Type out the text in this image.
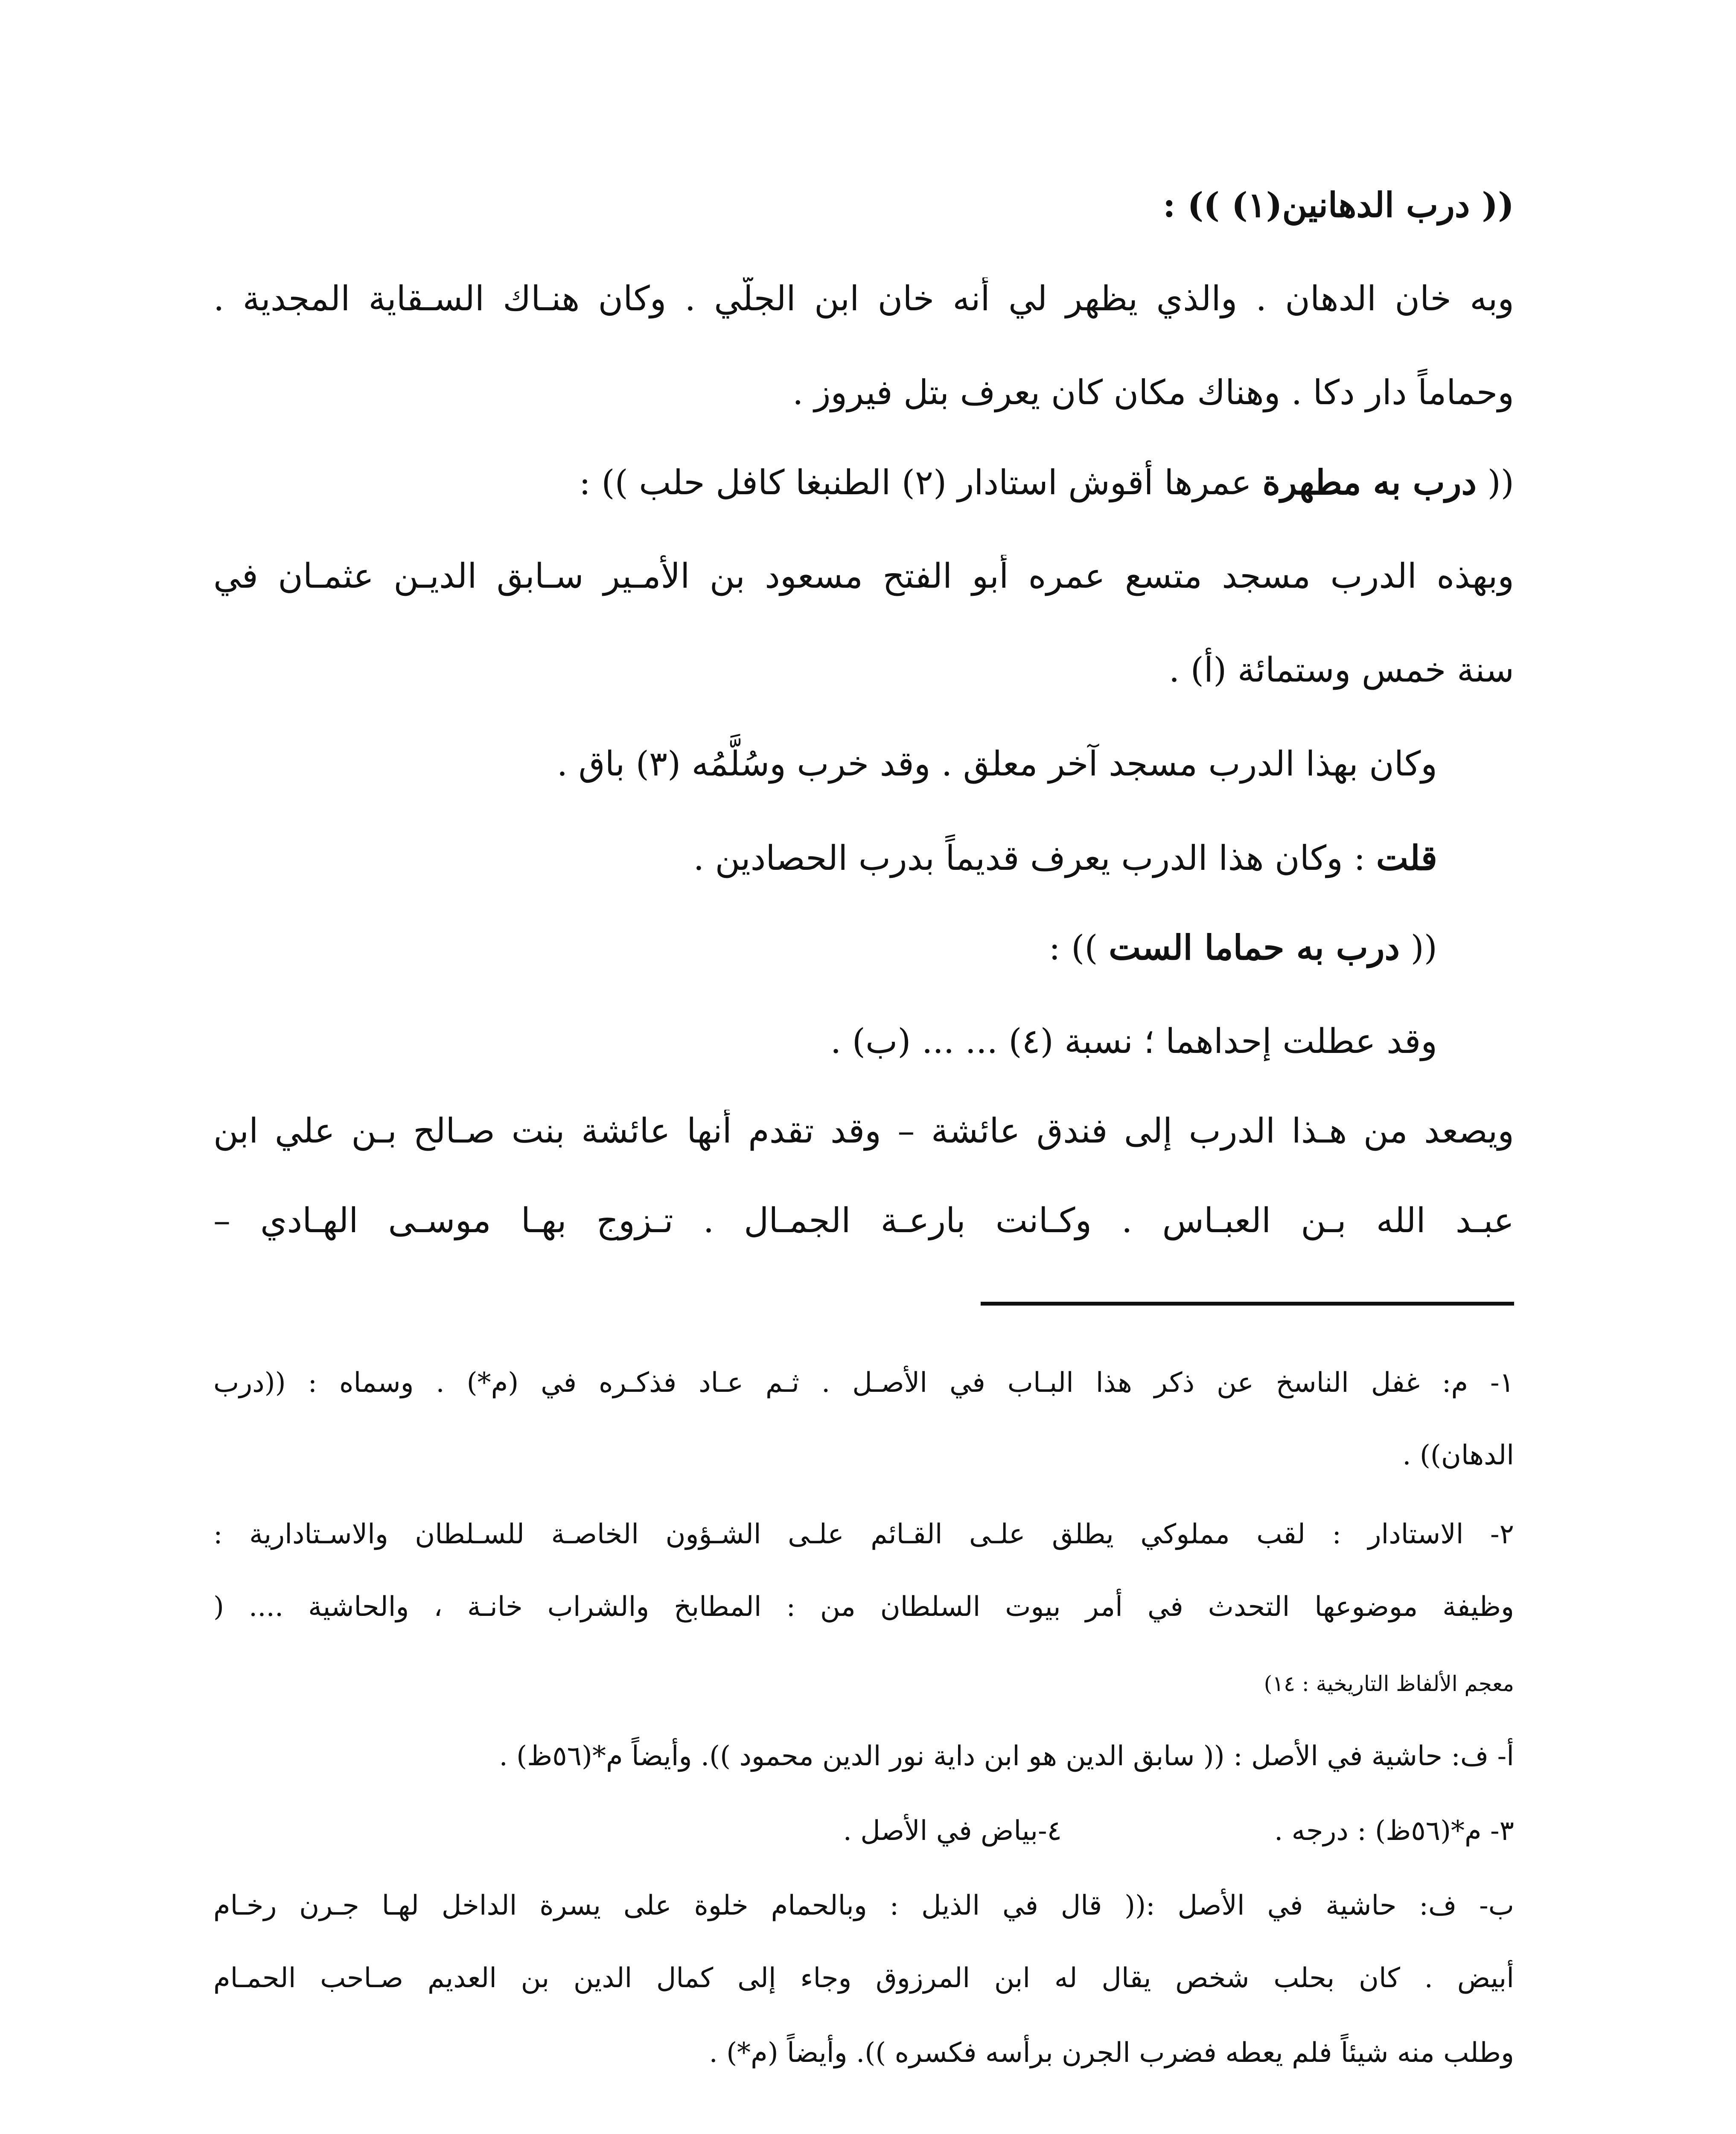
(( درب الدهانين(١) )) :
وبه خان الدهان . والذي يظهر لي أنه خان ابن الجلّي . وكان هنـاك السـقاية المجدية .
وحماماً دار دكا . وهناك مكان كان يعرف بتل فيروز .
(( درب به مطهرة عمرها أقوش استادار (٢) الطنبغا كافل حلب )) :
وبهذه الدرب مسجد متسع عمره أبو الفتح مسعود بن الأمـير سـابق الديـن عثمـان في
سنة خمس وستمائة (أ) .
وكان بهذا الدرب مسجد آخر معلق . وقد خرب وسُلَّمُه (٣) باق .
قلت : وكان هذا الدرب يعرف قديماً بدرب الحصادين .
(( درب به حماما الست )) :
وقد عطلت إحداهما ؛ نسبة (٤) ... ... (ب) .
ويصعد من هـذا الدرب إلى فندق عائشة – وقد تقدم أنها عائشة بنت صـالح بـن علي ابن
عبـد الله بـن العبـاس . وكـانت بارعـة الجمـال . تـزوج بهـا موسـى الهـادي –
١- م: غفل الناسخ عن ذكر هذا البـاب في الأصـل . ثـم عـاد فذكـره في (م*) . وسماه : ((درب
الدهان)) .
٢- الاستادار : لقب مملوكي يطلق علـى القـائم علـى الشـؤون الخاصـة للسـلطان والاسـتادارية :
وظيفة موضوعها التحدث في أمر بيوت السلطان من : المطابخ والشراب خانـة ، والحاشية .... (
معجم الألفاظ التاريخية : ١٤)
أ- ف: حاشية في الأصل : (( سابق الدين هو ابن داية نور الدين محمود )). وأيضاً م*(٥٦ظ) .
٣- م*(٥٦ظ) : درجه .
٤-بياض في الأصل .
ب- ف: حاشية في الأصل :(( قال في الذيل : وبالحمام خلوة على يسرة الداخل لهـا جـرن رخـام
أبيض . كان بحلب شخص يقال له ابن المرزوق وجاء إلى كمال الدين بن العديم صـاحب الحمـام
وطلب منه شيئاً فلم يعطه فضرب الجرن برأسه فكسره )). وأيضاً (م*) .
